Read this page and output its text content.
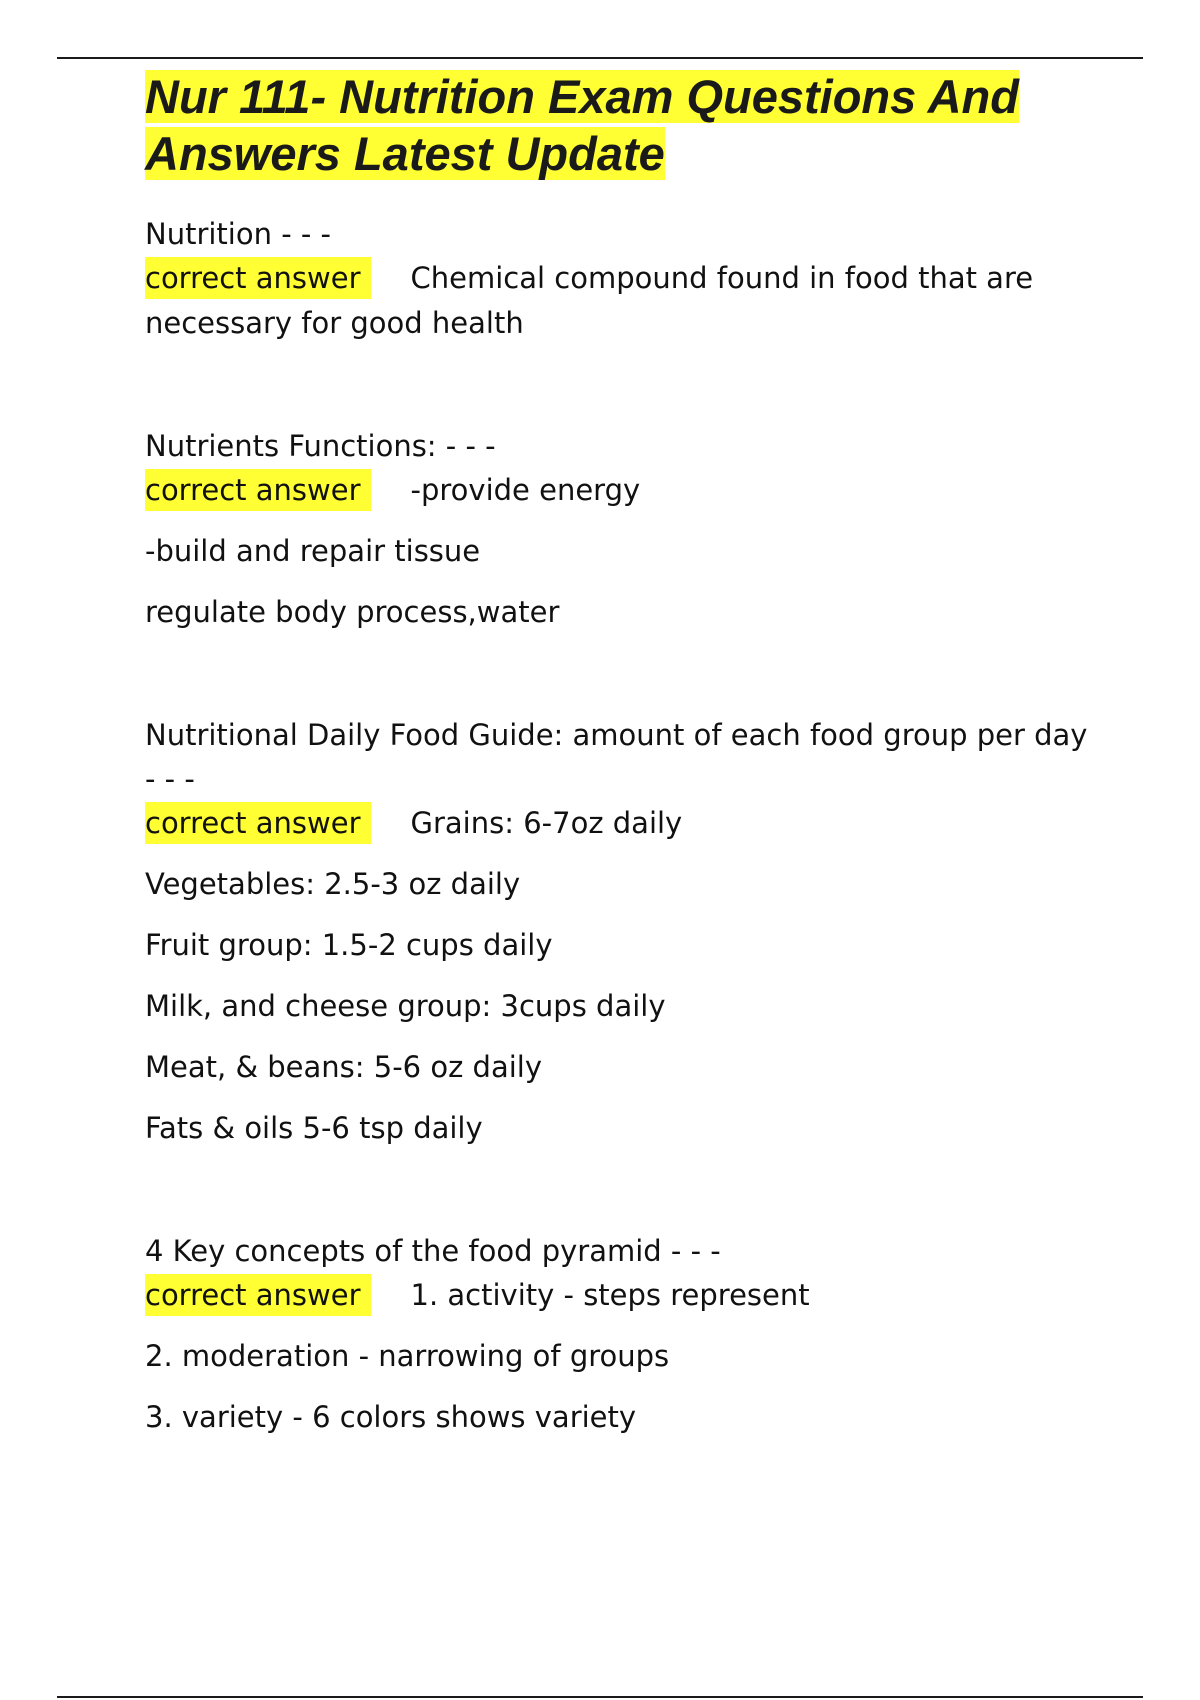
Nur 111- Nutrition Exam Questions And Answers Latest Update
Nutrition - - -
correct answer Chemical compound found in food that are
necessary for good health
Nutrients Functions: - - -
correct answer -provide energy
-build and repair tissue
regulate body process,water
Nutritional Daily Food Guide: amount of each food group per day - - -
correct answer Grains: 6-7oz daily
Vegetables: 2.5-3 oz daily
Fruit group: 1.5-2 cups daily
Milk, and cheese group: 3cups daily
Meat, & beans: 5-6 oz daily
Fats & oils 5-6 tsp daily
4 Key concepts of the food pyramid - - -
correct answer 1. activity - steps represent
2. moderation - narrowing of groups
3. variety - 6 colors shows variety
